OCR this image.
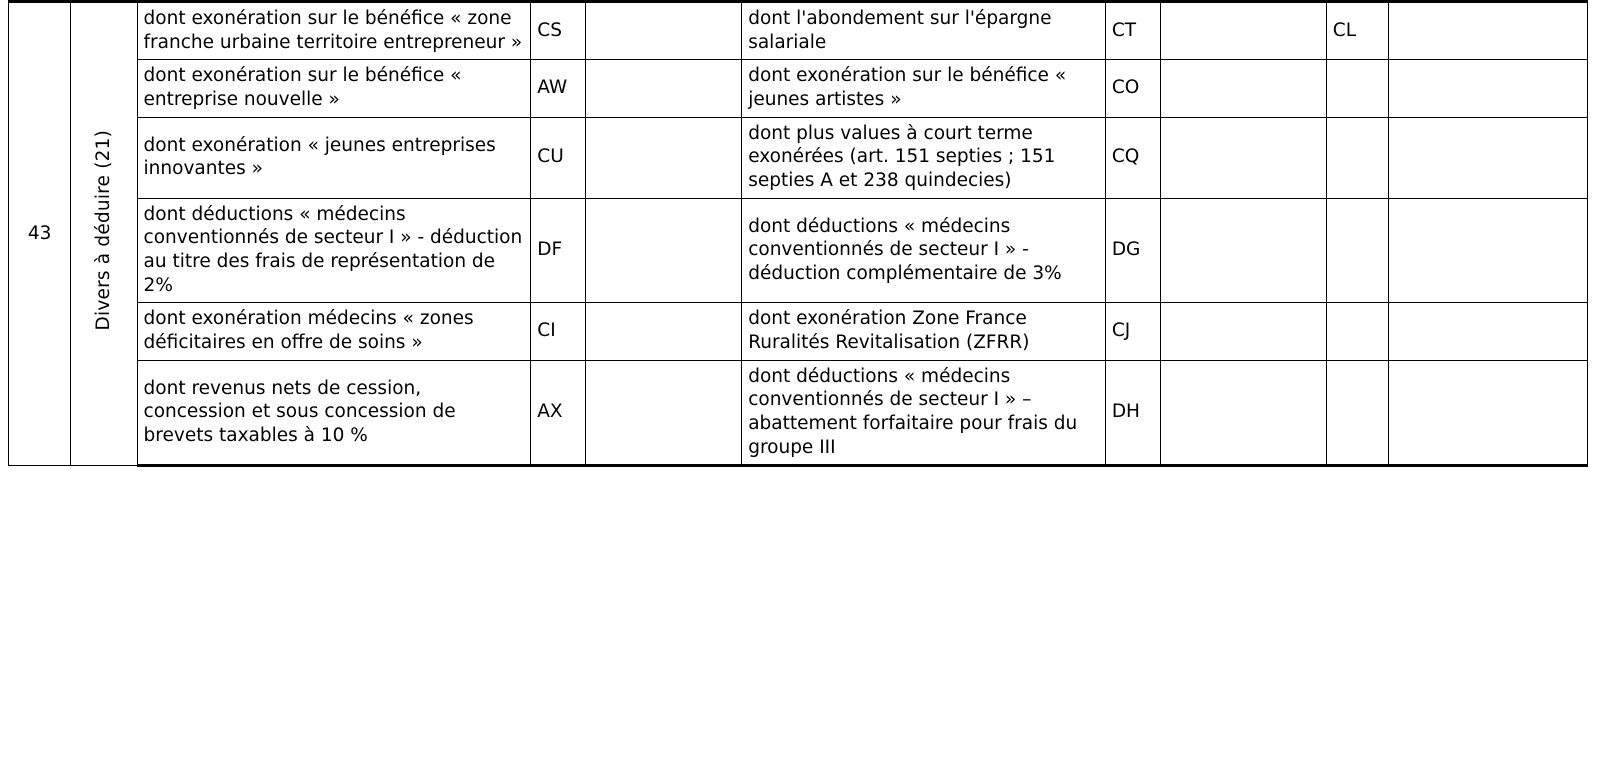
43	Divers à déduire (21)	dont exonération sur le bénéfice « zone franche urbaine territoire entrepreneur »	CS		dont l'abondement sur l'épargne salariale	CT		CL	
		dont exonération sur le bénéfice « entreprise nouvelle »	AW		dont exonération sur le bénéfice « jeunes artistes »	CO			
		dont exonération « jeunes entreprises innovantes »	CU		dont plus values à court terme exonérées (art. 151 septies ; 151 septies A et 238 quindecies)	CQ			
		dont déductions « médecins conventionnés de secteur I » - déduction au titre des frais de représentation de 2%	DF		dont déductions « médecins conventionnés de secteur I » - déduction complémentaire de 3%	DG			
		dont exonération médecins « zones déficitaires en offre de soins »	CI		dont exonération Zone France Ruralités Revitalisation (ZFRR)	CJ			
		dont revenus nets de cession, concession et sous concession de brevets taxables à 10 %	AX		dont déductions « médecins conventionnés de secteur I » – abattement forfaitaire pour frais du groupe III	DH			
